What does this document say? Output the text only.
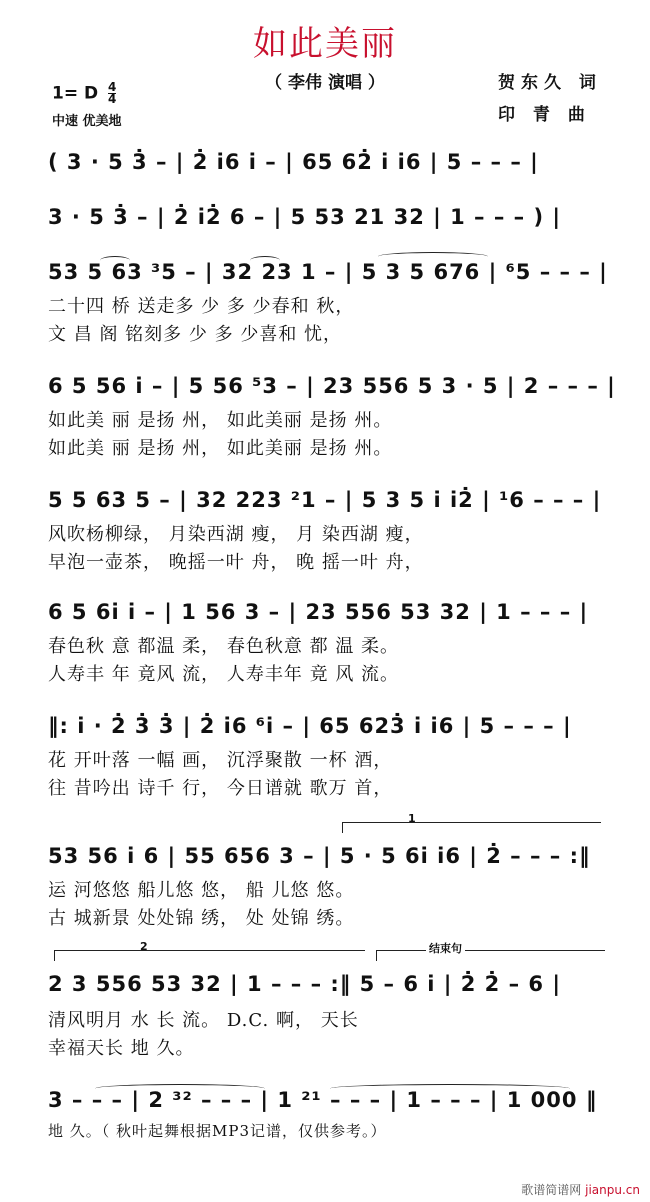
如此美丽
（ 李伟 演唱 ）	贺东久 词
印 青 曲
1= D $\frac{4}{4}$
中速 优美地
( 3 · 5 3̇ – | 2̇ i6 i – | 65 62̇ i i6 | 5 – – – |
3 · 5 3̇ – | 2̇ i2̇ 6 – | 5 53 21 32 | 1 – – – ) |
53 5 63 ³5 – | 32 23 1 – | 5 3 5 676 | ⁶5 – – – |
二十四 桥 送走多 少 多 少春和 秋，
文 昌 阁 铭刻多 少 多 少喜和 忧，
6 5 56 i – | 5 56 ⁵3 – | 23 556 5 3 · 5 | 2 – – – |
如此美 丽 是扬 州， 如此美丽 是扬 州。
如此美 丽 是扬 州， 如此美丽 是扬 州。
5 5 63 5 – | 32 223 ²1 – | 5 3 5 i i2̇ | ¹6 – – – |
风吹杨柳绿， 月染西湖 瘦， 月 染西湖 瘦，
早泡一壶茶， 晚摇一叶 舟， 晚 摇一叶 舟，
6 5 6i i – | 1 56 3 – | 23 556 53 32 | 1 – – – |
春色秋 意 都温 柔， 春色秋意 都 温 柔。
人寿丰 年 竟风 流， 人寿丰年 竟 风 流。
‖: i · 2̇ 3̇ 3̇ | 2̇ i6 ⁶i – | 65 623̇ i i6 | 5 – – – |
花 开叶落 一幅 画， 沉浮聚散 一杯 酒，
往 昔吟出 诗千 行， 今日谱就 歌万 首，
1
53 56 i 6 | 55 656 3 – | 5 · 5 6i i6 | 2̇ – – – :‖
运 河悠悠 船儿悠 悠， 船 儿悠 悠。
古 城新景 处处锦 绣， 处 处锦 绣。
2	结束句
2 3 556 53 32 | 1 – – – :‖ 5 – 6 i | 2̇ 2̇ – 6 |
清风明月 水 长 流。 D.C. 啊， 天长
幸福天长 地 久。
3 – – – | 2 ³² – – – | 1 ²¹ – – – | 1 – – – | 1 000 ‖
地 久。（ 秋叶起舞根据MP3记谱，仅供参考。）
歌谱简谱网 jianpu.cn
